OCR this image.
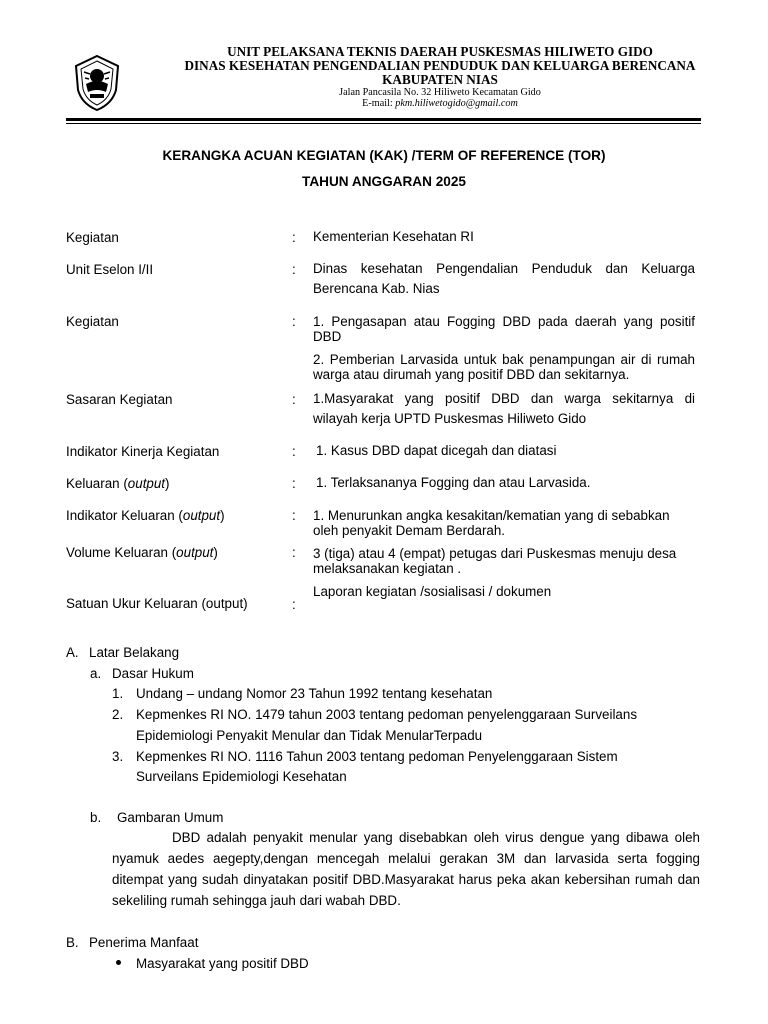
UNIT PELAKSANA TEKNIS DAERAH PUSKESMAS HILIWETO GIDO
DINAS KESEHATAN PENGENDALIAN PENDUDUK DAN KELUARGA BERENCANA
KABUPATEN NIAS
Jalan Pancasila No. 32 Hiliweto Kecamatan Gido
E-mail: pkm.hiliwetogido@gmail.com
KERANGKA ACUAN KEGIATAN (KAK) /TERM OF REFERENCE (TOR)
TAHUN ANGGARAN 2025
Kegiatan	: Kementerian Kesehatan RI
Unit Eselon I/II	: Dinas kesehatan Pengendalian Penduduk dan Keluarga
Berencana Kab. Nias
Kegiatan	: 1. Pengasapan atau Fogging DBD pada daerah yang positif DBD
2. Pemberian Larvasida untuk bak penampungan air di rumah warga atau dirumah yang positif DBD dan sekitarnya.
Sasaran Kegiatan	: 1.Masyarakat yang positif DBD dan warga sekitarnya di
wilayah kerja UPTD Puskesmas Hiliweto Gido
Indikator Kinerja Kegiatan	: 1. Kasus DBD dapat dicegah dan diatasi
Keluaran (output)	: 1. Terlaksananya Fogging dan atau Larvasida.
Indikator Keluaran (output)	: 1. Menurunkan angka kesakitan/kematian yang di sebabkan oleh penyakit Demam Berdarah.
Volume Keluaran (output)	: 3 (tiga) atau 4 (empat) petugas dari Puskesmas menuju desa melaksanakan kegiatan .
Satuan Ukur Keluaran (output)	:
Laporan kegiatan /sosialisasi / dokumen
A. Latar Belakang
a. Dasar Hukum
1. Undang – undang Nomor 23 Tahun 1992 tentang kesehatan
2. Kepmenkes RI NO. 1479 tahun 2003 tentang pedoman penyelenggaraan Surveilans
Epidemiologi Penyakit Menular dan Tidak MenularTerpadu
3. Kepmenkes RI NO. 1116 Tahun 2003 tentang pedoman Penyelenggaraan Sistem
Surveilans Epidemiologi Kesehatan
b. Gambaran Umum
DBD adalah penyakit menular yang disebabkan oleh virus dengue yang dibawa oleh nyamuk aedes aegepty,dengan mencegah melalui gerakan 3M dan larvasida serta fogging ditempat yang sudah dinyatakan positif DBD.Masyarakat harus peka akan kebersihan rumah dan sekeliling rumah sehingga jauh dari wabah DBD.
B. Penerima Manfaat
Masyarakat yang positif DBD
